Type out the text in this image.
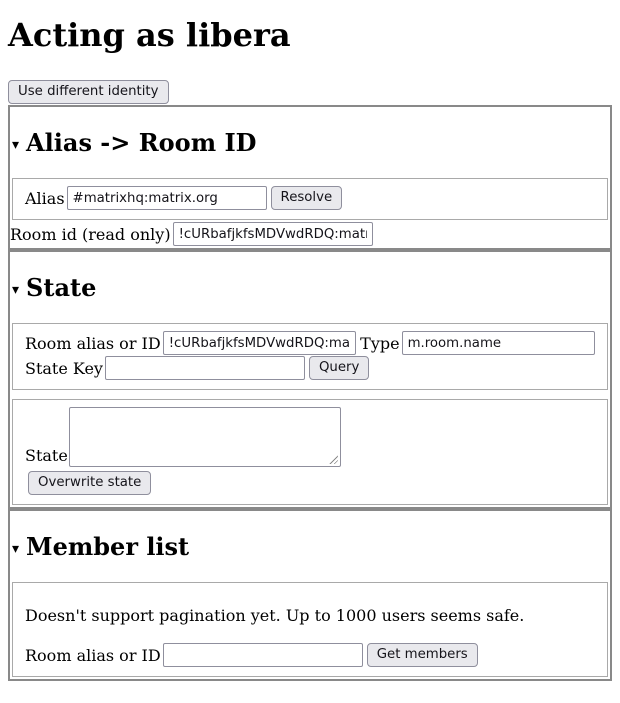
Acting as libera
Use different identity
▾ Alias -> Room ID
Alias
#matrixhq:matrix.org	Resolve
Room id (read only)
!cURbafjkfsMDVwdRDQ:matrix.
▾ State
Room alias or ID
!cURbafjkfsMDVwdRDQ:matrix.	Type
m.room.name
State Key	Query
State
Overwrite state
▾ Member list

Doesn't support pagination yet. Up to 1000 users seems safe.

Room alias or ID	Get members
